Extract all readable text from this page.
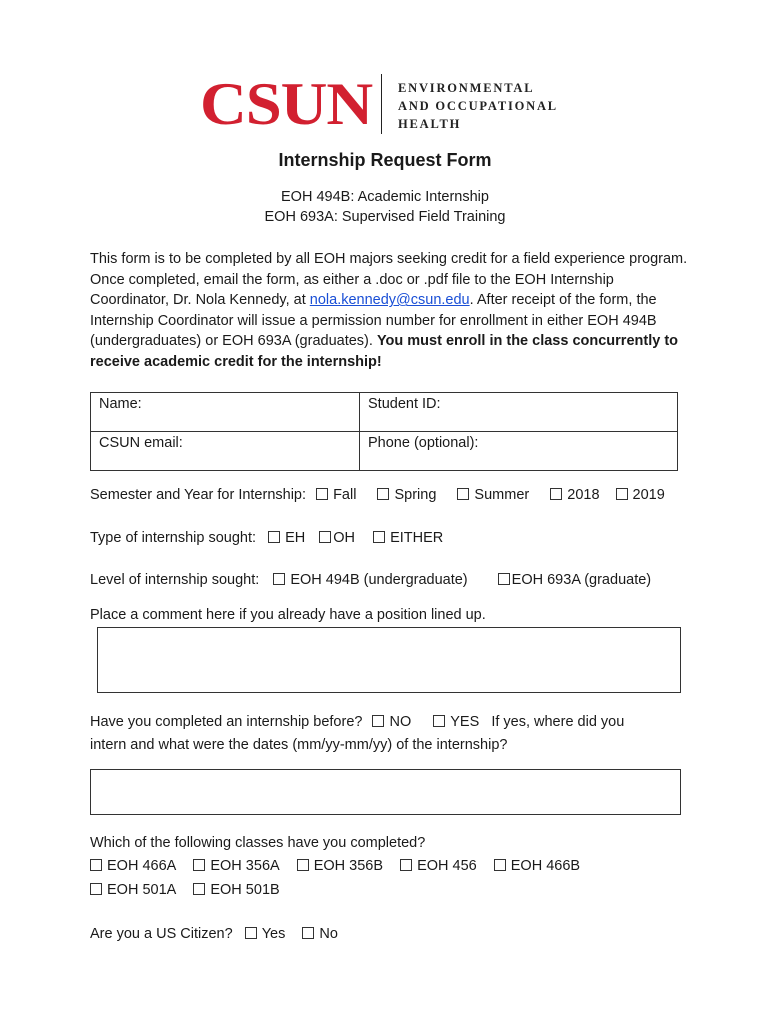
CSUN ENVIRONMENTAL
AND OCCUPATIONAL
HEALTH
Internship Request Form
EOH 494B: Academic Internship
EOH 693A: Supervised Field Training
This form is to be completed by all EOH majors seeking credit for a field experience program. Once completed, email the form, as either a .doc or .pdf file to the EOH Internship Coordinator, Dr. Nola Kennedy, at nola.kennedy@csun.edu. After receipt of the form, the Internship Coordinator will issue a permission number for enrollment in either EOH 494B (undergraduates) or EOH 693A (graduates). You must enroll in the class concurrently to receive academic credit for the internship!
Name:	Student ID:
CSUN email:	Phone (optional):
Semester and Year for Internship: Fall	Spring	Summer	2018 2019
Type of internship sought: EH OH EITHER
Level of internship sought: EOH 494B (undergraduate)	EOH 693A (graduate)
Place a comment here if you already have a position lined up.
Have you completed an internship before? NO	YES If yes, where did you
intern and what were the dates (mm/yy-mm/yy) of the internship?
Which of the following classes have you completed?
EOH 466A EOH 356A EOH 356B EOH 456 EOH 466B
EOH 501A EOH 501B
Are you a US Citizen? Yes No
